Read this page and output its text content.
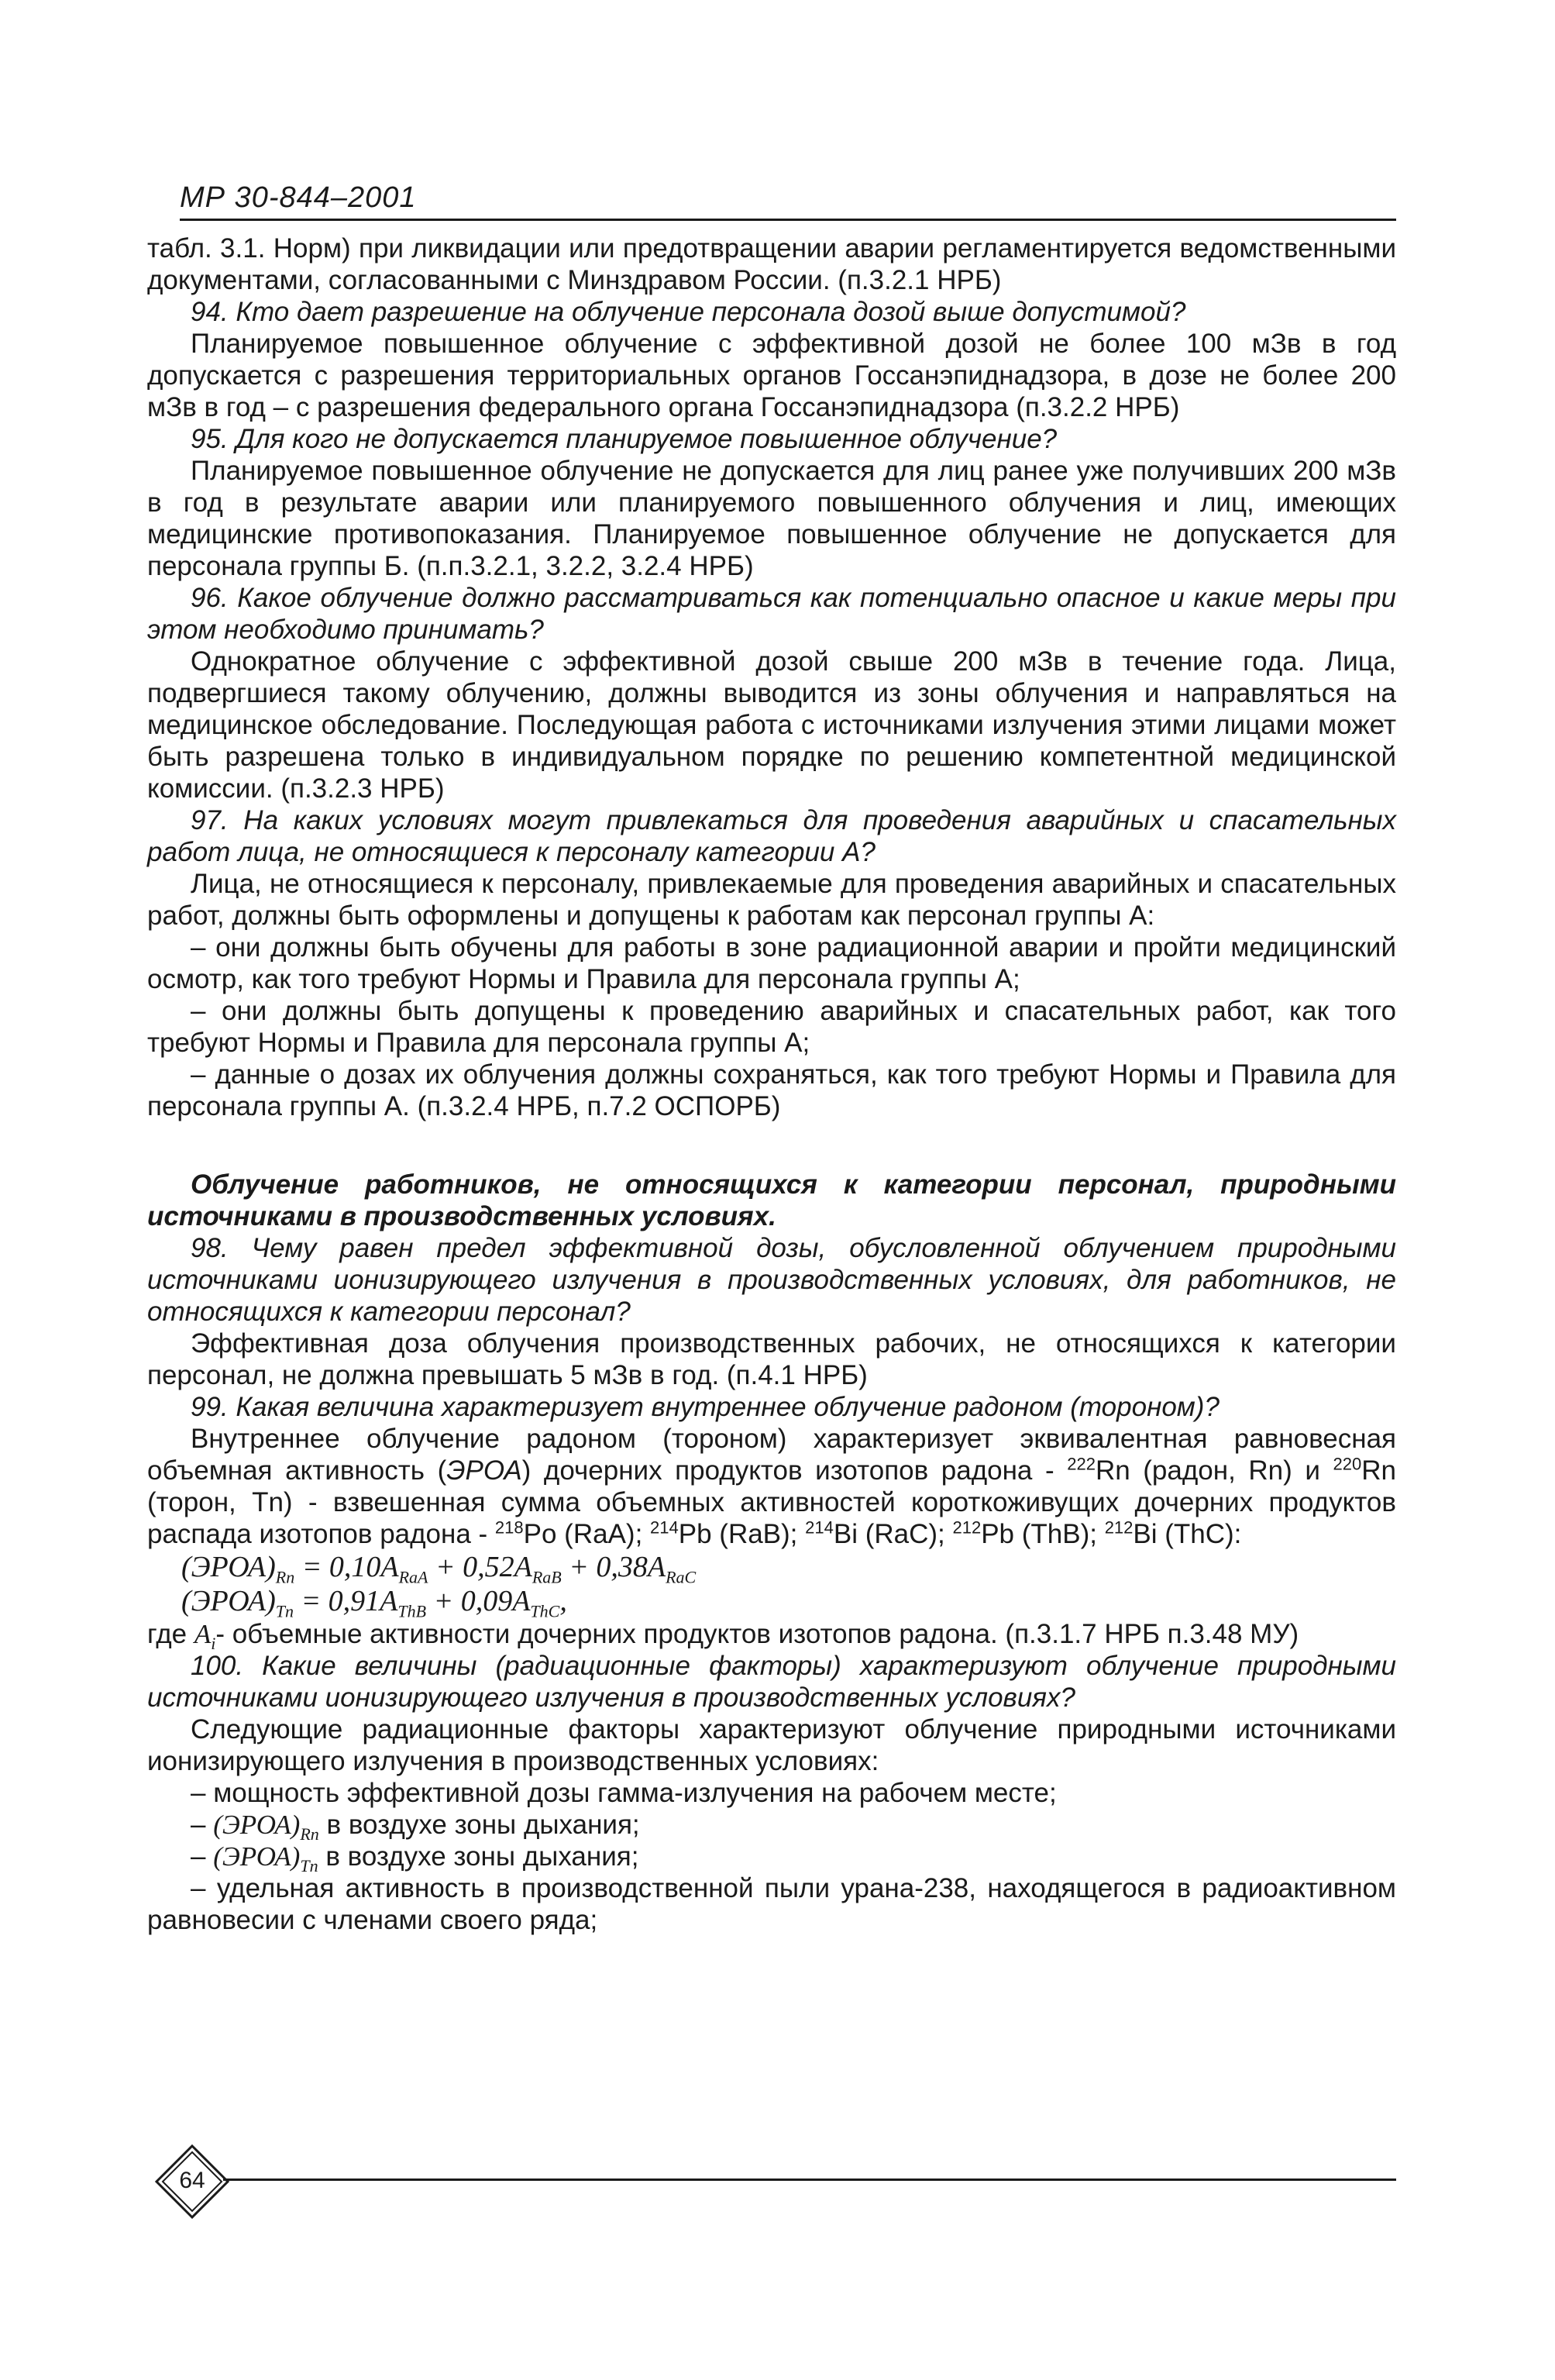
МР 30-844–2001

табл. 3.1. Норм) при ликвидации или предотвращении аварии регламентируется ведомственными документами, согласованными с Минздравом России. (п.3.2.1 НРБ)

94. Кто дает разрешение на облучение персонала дозой выше допустимой?

Планируемое повышенное облучение с эффективной дозой не более 100 мЗв в год допускается с разрешения территориальных органов Госсанэпиднадзора, в дозе не более 200 мЗв в год – с разрешения федерального органа Госсанэпиднадзора (п.3.2.2 НРБ)

95. Для кого не допускается планируемое повышенное облучение?

Планируемое повышенное облучение не допускается для лиц ранее уже получивших 200 мЗв в год в результате аварии или планируемого повышенного облучения и лиц, имеющих медицинские противопоказания. Планируемое повышенное облучение не допускается для персонала группы Б. (п.п.3.2.1, 3.2.2, 3.2.4 НРБ)

96. Какое облучение должно рассматриваться как потенциально опасное и какие меры при этом необходимо принимать?

Однократное облучение с эффективной дозой свыше 200 мЗв в течение года. Лица, подвергшиеся такому облучению, должны выводится из зоны облучения и направляться на медицинское обследование. Последующая работа с источниками излучения этими лицами может быть разрешена только в индивидуальном порядке по решению компетентной медицинской комиссии. (п.3.2.3 НРБ)

97. На каких условиях могут привлекаться для проведения аварийных и спасательных работ лица, не относящиеся к персоналу категории А?

Лица, не относящиеся к персоналу, привлекаемые для проведения аварийных и спасательных работ, должны быть оформлены и допущены к работам как персонал группы А:

– они должны быть обучены для работы в зоне радиационной аварии и пройти медицинский осмотр, как того требуют Нормы и Правила для персонала группы А;

– они должны быть допущены к проведению аварийных и спасательных работ, как того требуют Нормы и Правила для персонала группы А;

– данные о дозах их облучения должны сохраняться, как того требуют Нормы и Правила для персонала группы А. (п.3.2.4 НРБ, п.7.2 ОСПОРБ)

Облучение работников, не относящихся к категории персонал, природными источниками в производственных условиях.

98. Чему равен предел эффективной дозы, обусловленной облучением природными источниками ионизирующего излучения в производственных условиях, для работников, не относящихся к категории персонал?

Эффективная доза облучения производственных рабочих, не относящихся к категории персонал, не должна превышать 5 мЗв в год. (п.4.1 НРБ)

99. Какая величина характеризует внутреннее облучение радоном (тороном)?

Внутреннее облучение радоном (тороном) характеризует эквивалентная равновесная объемная активность (ЭРОА) дочерних продуктов изотопов радона - $^{222}$Rn (радон, Rn) и $^{220}$Rn (торон, Tn) - взвешенная сумма объемных активностей короткоживущих дочерних продуктов распада изотопов радона - $^{218}$Po (RaA); $^{214}$Pb (RaB); $^{214}$Bi (RaC); $^{212}$Pb (ThB); $^{212}$Bi (ThC):

$(ЭРОА)_{Rn} = 0,10A_{RaA} + 0,52A_{RaB} + 0,38A_{RaC}$

$(ЭРОА)_{Tn} = 0,91A_{ThB} + 0,09A_{ThC}$,

где $A_i-$ объемные активности дочерних продуктов изотопов радона. (п.3.1.7 НРБ п.3.48 МУ)

100. Какие величины (радиационные факторы) характеризуют облучение природными источниками ионизирующего излучения в производственных условиях?

Следующие радиационные факторы характеризуют облучение природными источниками ионизирующего излучения в производственных условиях:

– мощность эффективной дозы гамма-излучения на рабочем месте;

– $(ЭРОА)_{Rn}$ в воздухе зоны дыхания;

– $(ЭРОА)_{Tn}$ в воздухе зоны дыхания;

– удельная активность в производственной пыли урана-238, находящегося в радиоактивном равновесии с членами своего ряда;

64
